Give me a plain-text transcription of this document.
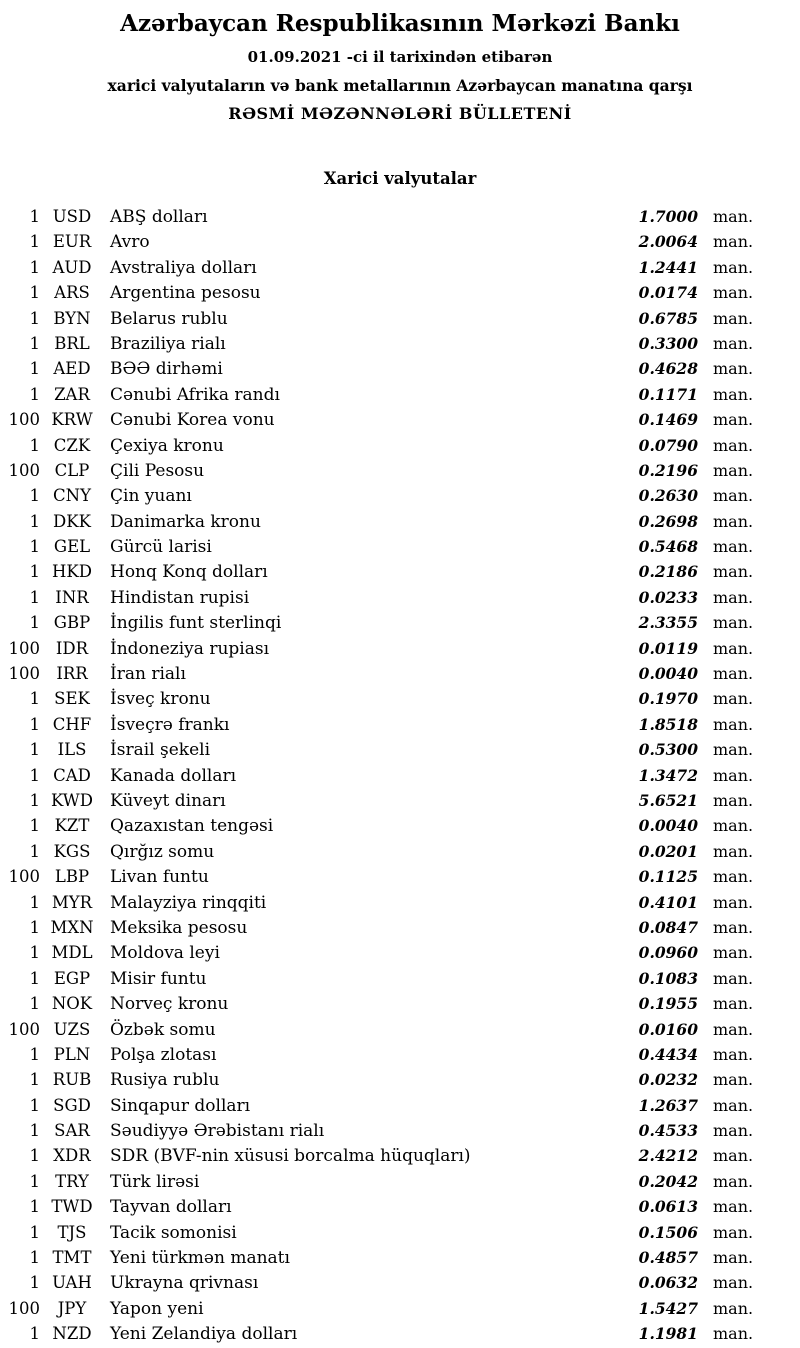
Azərbaycan Respublikasının Mərkəzi Bankı
01.09.2021 -ci il tarixindən etibarən
xarici valyutaların və bank metallarının Azərbaycan manatına qarşı
RƏSMİ MƏZƏNNƏLƏRİ BÜLLETENİ
Xarici valyutalar
1 USD	ABŞ dolları	1.7000 man.
1 EUR	Avro	2.0064 man.
1 AUD	Avstraliya dolları	1.2441 man.
1 ARS	Argentina pesosu	0.0174 man.
1 BYN	Belarus rublu	0.6785 man.
1 BRL	Braziliya rialı	0.3300 man.
1 AED	BƏƏ dirhəmi	0.4628 man.
1 ZAR	Cənubi Afrika randı	0.1171 man.
100 KRW	Cənubi Korea vonu	0.1469 man.
1 CZK	Çexiya kronu	0.0790 man.
100 CLP	Çili Pesosu	0.2196 man.
1 CNY	Çin yuanı	0.2630 man.
1 DKK	Danimarka kronu	0.2698 man.
1 GEL	Gürcü larisi	0.5468 man.
1 HKD	Honq Konq dolları	0.2186 man.
1 INR	Hindistan rupisi	0.0233 man.
1 GBP	İngilis funt sterlinqi	2.3355 man.
100 IDR	İndoneziya rupiası	0.0119 man.
100 IRR	İran rialı	0.0040 man.
1 SEK	İsveç kronu	0.1970 man.
1 CHF	İsveçrə frankı	1.8518 man.
1	ILS	İsrail şekeli	0.5300 man.
1 CAD	Kanada dolları	1.3472 man.
1 KWD	Küveyt dinarı	5.6521 man.
1 KZT	Qazaxıstan tengəsi	0.0040 man.
1 KGS	Qırğız somu	0.0201 man.
100 LBP	Livan funtu	0.1125 man.
1 MYR	Malayziya rinqqiti	0.4101 man.
1 MXN Meksika pesosu	0.0847 man.
1 MDL	Moldova leyi	0.0960 man.
1 EGP	Misir funtu	0.1083 man.
1 NOK	Norveç kronu	0.1955 man.
100 UZS	Özbək somu	0.0160 man.
1 PLN	Polşa zlotası	0.4434 man.
1 RUB	Rusiya rublu	0.0232 man.
1 SGD	Sinqapur dolları	1.2637 man.
1 SAR	Səudiyyə Ərəbistanı rialı	0.4533 man.
1 XDR	SDR (BVF-nin xüsusi borcalma hüquqları)	2.4212 man.
1 TRY	Türk lirəsi	0.2042 man.
1 TWD	Tayvan dolları	0.0613 man.
1	TJS	Tacik somonisi	0.1506 man.
1 TMT	Yeni türkmən manatı	0.4857 man.
1 UAH	Ukrayna qrivnası	0.0632 man.
100	JPY	Yapon yeni	1.5427 man.
1 NZD	Yeni Zelandiya dolları	1.1981 man.
